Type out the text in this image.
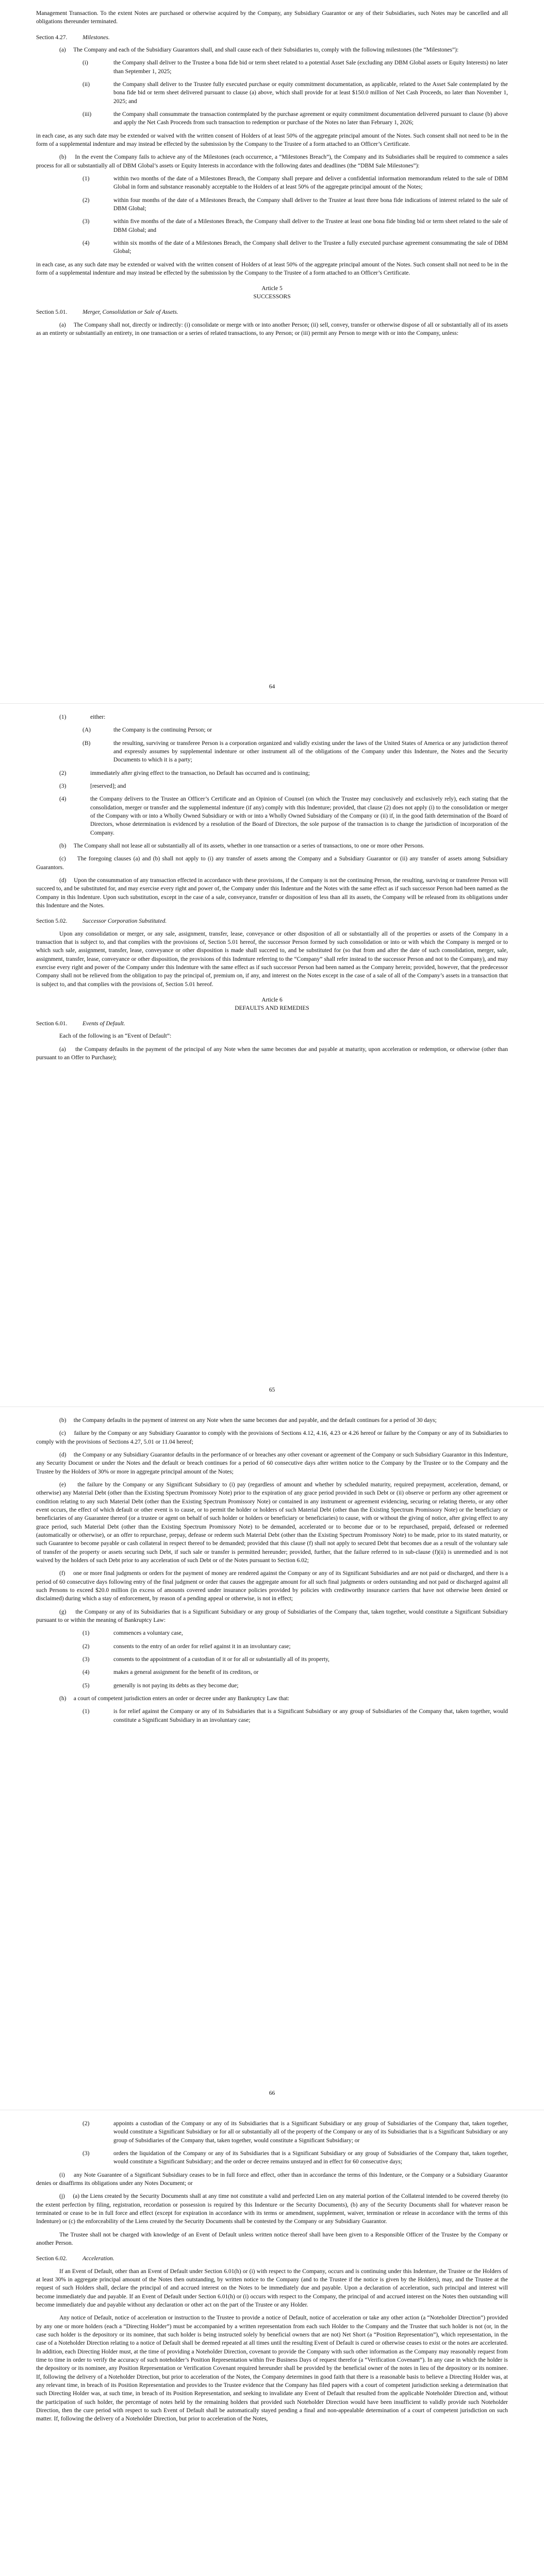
Management Transaction. To the extent Notes are purchased or otherwise acquired by the Company, any Subsidiary Guarantor or any of their Subsidiaries, such Notes may be cancelled and all obligations thereunder terminated.

Section 4.27.	Milestones.

(a) The Company and each of the Subsidiary Guarantors shall, and shall cause each of their Subsidiaries to, comply with the following milestones (the “Milestones”):

(i)	the Company shall deliver to the Trustee a bona fide bid or term sheet related to a potential Asset Sale (excluding any DBM Global assets or Equity Interests) no later than September 1, 2025;
(ii)	the Company shall deliver to the Trustee fully executed purchase or equity commitment documentation, as applicable, related to the Asset Sale contemplated by the bona fide bid or term sheet delivered pursuant to clause (a) above, which shall provide for at least $150.0 million of Net Cash Proceeds, no later than November 1, 2025; and
(iii)	the Company shall consummate the transaction contemplated by the purchase agreement or equity commitment documentation delivered pursuant to clause (b) above and apply the Net Cash Proceeds from such transaction to redemption or purchase of the Notes no later than February 1, 2026;

in each case, as any such date may be extended or waived with the written consent of Holders of at least 50% of the aggregate principal amount of the Notes. Such consent shall not need to be in the form of a supplemental indenture and may instead be effected by the submission by the Company to the Trustee of a form attached to an Officer’s Certificate.

(b) In the event the Company fails to achieve any of the Milestones (each occurrence, a “Milestones Breach”), the Company and its Subsidiaries shall be required to commence a sales process for all or substantially all of DBM Global’s assets or Equity Interests in accordance with the following dates and deadlines (the “DBM Sale Milestones”):

(1)	within two months of the date of a Milestones Breach, the Company shall prepare and deliver a confidential information memorandum related to the sale of DBM Global in form and substance reasonably acceptable to the Holders of at least 50% of the aggregate principal amount of the Notes;
(2)	within four months of the date of a Milestones Breach, the Company shall deliver to the Trustee at least three bona fide indications of interest related to the sale of DBM Global;
(3)	within five months of the date of a Milestones Breach, the Company shall deliver to the Trustee at least one bona fide binding bid or term sheet related to the sale of DBM Global; and
(4)	within six months of the date of a Milestones Breach, the Company shall deliver to the Trustee a fully executed purchase agreement consummating the sale of DBM Global;

in each case, as any such date may be extended or waived with the written consent of Holders of at least 50% of the aggregate principal amount of the Notes. Such consent shall not need to be in the form of a supplemental indenture and may instead be effected by the submission by the Company to the Trustee of a form attached to an Officer’s Certificate.

Article 5
SUCCESSORS
Section 5.01.	Merger, Consolidation or Sale of Assets.

(a) The Company shall not, directly or indirectly: (i) consolidate or merge with or into another Person; (ii) sell, convey, transfer or otherwise dispose of all or substantially all of its assets as an entirety or substantially an entirety, in one transaction or a series of related transactions, to any Person; or (iii) permit any Person to merge with or into the Company, unless:

64
(1)	either:
(A)	the Company is the continuing Person; or
(B)	the resulting, surviving or transferee Person is a corporation organized and validly existing under the laws of the United States of America or any jurisdiction thereof and expressly assumes by supplemental indenture or other instrument all of the obligations of the Company under this Indenture, the Notes and the Security Documents to which it is a party;
(2)	immediately after giving effect to the transaction, no Default has occurred and is continuing;
(3)	[reserved]; and
(4)	the Company delivers to the Trustee an Officer’s Certificate and an Opinion of Counsel (on which the Trustee may conclusively and exclusively rely), each stating that the consolidation, merger or transfer and the supplemental indenture (if any) comply with this Indenture; provided, that clause (2) does not apply (i) to the consolidation or merger of the Company with or into a Wholly Owned Subsidiary or with or into a Wholly Owned Subsidiary of the Company or (ii) if, in the good faith determination of the Board of Directors, whose determination is evidenced by a resolution of the Board of Directors, the sole purpose of the transaction is to change the jurisdiction of incorporation of the Company.

(b) The Company shall not lease all or substantially all of its assets, whether in one transaction or a series of transactions, to one or more other Persons.

(c) The foregoing clauses (a) and (b) shall not apply to (i) any transfer of assets among the Company and a Subsidiary Guarantor or (ii) any transfer of assets among Subsidiary Guarantors.

(d) Upon the consummation of any transaction effected in accordance with these provisions, if the Company is not the continuing Person, the resulting, surviving or transferee Person will succeed to, and be substituted for, and may exercise every right and power of, the Company under this Indenture and the Notes with the same effect as if such successor Person had been named as the Company in this Indenture. Upon such substitution, except in the case of a sale, conveyance, transfer or disposition of less than all its assets, the Company will be released from its obligations under this Indenture and the Notes.

Section 5.02.	Successor Corporation Substituted.

Upon any consolidation or merger, or any sale, assignment, transfer, lease, conveyance or other disposition of all or substantially all of the properties or assets of the Company in a transaction that is subject to, and that complies with the provisions of, Section 5.01 hereof, the successor Person formed by such consolidation or into or with which the Company is merged or to which such sale, assignment, transfer, lease, conveyance or other disposition is made shall succeed to, and be substituted for (so that from and after the date of such consolidation, merger, sale, assignment, transfer, lease, conveyance or other disposition, the provisions of this Indenture referring to the “Company” shall refer instead to the successor Person and not to the Company), and may exercise every right and power of the Company under this Indenture with the same effect as if such successor Person had been named as the Company herein; provided, however, that the predecessor Company shall not be relieved from the obligation to pay the principal of, premium on, if any, and interest on the Notes except in the case of a sale of all of the Company’s assets in a transaction that is subject to, and that complies with the provisions of, Section 5.01 hereof.

Article 6
DEFAULTS AND REMEDIES
Section 6.01.	Events of Default.

Each of the following is an “Event of Default”:

(a) the Company defaults in the payment of the principal of any Note when the same becomes due and payable at maturity, upon acceleration or redemption, or otherwise (other than pursuant to an Offer to Purchase);

65

(b) the Company defaults in the payment of interest on any Note when the same becomes due and payable, and the default continues for a period of 30 days;

(c) failure by the Company or any Subsidiary Guarantor to comply with the provisions of Sections 4.12, 4.16, 4.23 or 4.26 hereof or failure by the Company or any of its Subsidiaries to comply with the provisions of Sections 4.27, 5.01 or 11.04 hereof;

(d) the Company or any Subsidiary Guarantor defaults in the performance of or breaches any other covenant or agreement of the Company or such Subsidiary Guarantor in this Indenture, any Security Document or under the Notes and the default or breach continues for a period of 60 consecutive days after written notice to the Company by the Trustee or to the Company and the Trustee by the Holders of 30% or more in aggregate principal amount of the Notes;

(e) the failure by the Company or any Significant Subsidiary to (i) pay (regardless of amount and whether by scheduled maturity, required prepayment, acceleration, demand, or otherwise) any Material Debt (other than the Existing Spectrum Promissory Note) prior to the expiration of any grace period provided in such Debt or (ii) observe or perform any other agreement or condition relating to any such Material Debt (other than the Existing Spectrum Promissory Note) or contained in any instrument or agreement evidencing, securing or relating thereto, or any other event occurs, the effect of which default or other event is to cause, or to permit the holder or holders of such Material Debt (other than the Existing Spectrum Promissory Note) or the beneficiary or beneficiaries of any Guarantee thereof (or a trustee or agent on behalf of such holder or holders or beneficiary or beneficiaries) to cause, with or without the giving of notice, after giving effect to any grace period, such Material Debt (other than the Existing Spectrum Promissory Note) to be demanded, accelerated or to become due or to be repurchased, prepaid, defeased or redeemed (automatically or otherwise), or an offer to repurchase, prepay, defease or redeem such Material Debt (other than the Existing Spectrum Promissory Note) to be made, prior to its stated maturity, or such Guarantee to become payable or cash collateral in respect thereof to be demanded; provided that this clause (f) shall not apply to secured Debt that becomes due as a result of the voluntary sale of transfer of the property or assets securing such Debt, if such sale or transfer is permitted hereunder; provided, further, that the failure referred to in sub-clause (f)(ii) is unremedied and is not waived by the holders of such Debt prior to any acceleration of such Debt or of the Notes pursuant to Section 6.02;

(f) one or more final judgments or orders for the payment of money are rendered against the Company or any of its Significant Subsidiaries and are not paid or discharged, and there is a period of 60 consecutive days following entry of the final judgment or order that causes the aggregate amount for all such final judgments or orders outstanding and not paid or discharged against all such Persons to exceed $20.0 million (in excess of amounts covered under insurance policies provided by policies with creditworthy insurance carriers that have not otherwise been denied or disclaimed) during which a stay of enforcement, by reason of a pending appeal or otherwise, is not in effect;

(g) the Company or any of its Subsidiaries that is a Significant Subsidiary or any group of Subsidiaries of the Company that, taken together, would constitute a Significant Subsidiary pursuant to or within the meaning of Bankruptcy Law:

(1)	commences a voluntary case,
(2)	consents to the entry of an order for relief against it in an involuntary case;
(3)	consents to the appointment of a custodian of it or for all or substantially all of its property,
(4)	makes a general assignment for the benefit of its creditors, or
(5)	generally is not paying its debts as they become due;

(h) a court of competent jurisdiction enters an order or decree under any Bankruptcy Law that:

(1)	is for relief against the Company or any of its Subsidiaries that is a Significant Subsidiary or any group of Subsidiaries of the Company that, taken together, would constitute a Significant Subsidiary in an involuntary case;
66
(2)	appoints a custodian of the Company or any of its Subsidiaries that is a Significant Subsidiary or any group of Subsidiaries of the Company that, taken together, would constitute a Significant Subsidiary or for all or substantially all of the property of the Company or any of its Subsidiaries that is a Significant Subsidiary or any group of Subsidiaries of the Company that, taken together, would constitute a Significant Subsidiary; or
(3)	orders the liquidation of the Company or any of its Subsidiaries that is a Significant Subsidiary or any group of Subsidiaries of the Company that, taken together, would constitute a Significant Subsidiary; and the order or decree remains unstayed and in effect for 60 consecutive days;

(i) any Note Guarantee of a Significant Subsidiary ceases to be in full force and effect, other than in accordance the terms of this Indenture, or the Company or a Subsidiary Guarantor denies or disaffirms its obligations under any Notes Document; or

(j) (a) the Liens created by the Security Documents shall at any time not constitute a valid and perfected Lien on any material portion of the Collateral intended to be covered thereby (to the extent perfection by filing, registration, recordation or possession is required by this Indenture or the Security Documents), (b) any of the Security Documents shall for whatever reason be terminated or cease to be in full force and effect (except for expiration in accordance with its terms or amendment, supplement, waiver, termination or release in accordance with the terms of this Indenture) or (c) the enforceability of the Liens created by the Security Documents shall be contested by the Company or any Subsidiary Guarantor.

The Trustee shall not be charged with knowledge of an Event of Default unless written notice thereof shall have been given to a Responsible Officer of the Trustee by the Company or another Person.

Section 6.02.	Acceleration.

If an Event of Default, other than an Event of Default under Section 6.01(h) or (i) with respect to the Company, occurs and is continuing under this Indenture, the Trustee or the Holders of at least 30% in aggregate principal amount of the Notes then outstanding, by written notice to the Company (and to the Trustee if the notice is given by the Holders), may, and the Trustee at the request of such Holders shall, declare the principal of and accrued interest on the Notes to be immediately due and payable. Upon a declaration of acceleration, such principal and interest will become immediately due and payable. If an Event of Default under Section 6.01(h) or (i) occurs with respect to the Company, the principal of and accrued interest on the Notes then outstanding will become immediately due and payable without any declaration or other act on the part of the Trustee or any Holder.

Any notice of Default, notice of acceleration or instruction to the Trustee to provide a notice of Default, notice of acceleration or take any other action (a “Noteholder Direction”) provided by any one or more holders (each a “Directing Holder”) must be accompanied by a written representation from each such Holder to the Company and the Trustee that such holder is not (or, in the case such holder is the depository or its nominee, that such holder is being instructed solely by beneficial owners that are not) Net Short (a “Position Representation”), which representation, in the case of a Noteholder Direction relating to a notice of Default shall be deemed repeated at all times until the resulting Event of Default is cured or otherwise ceases to exist or the notes are accelerated. In addition, each Directing Holder must, at the time of providing a Noteholder Direction, covenant to provide the Company with such other information as the Company may reasonably request from time to time in order to verify the accuracy of such noteholder’s Position Representation within five Business Days of request therefor (a “Verification Covenant”). In any case in which the holder is the depository or its nominee, any Position Representation or Verification Covenant required hereunder shall be provided by the beneficial owner of the notes in lieu of the depository or its nominee. If, following the delivery of a Noteholder Direction, but prior to acceleration of the Notes, the Company determines in good faith that there is a reasonable basis to believe a Directing Holder was, at any relevant time, in breach of its Position Representation and provides to the Trustee evidence that the Company has filed papers with a court of competent jurisdiction seeking a determination that such Directing Holder was, at such time, in breach of its Position Representation, and seeking to invalidate any Event of Default that resulted from the applicable Noteholder Direction and, without the participation of such holder, the percentage of notes held by the remaining holders that provided such Noteholder Direction would have been insufficient to validly provide such Noteholder Direction, then the cure period with respect to such Event of Default shall be automatically stayed pending a final and non-appealable determination of a court of competent jurisdiction on such matter. If, following the delivery of a Noteholder Direction, but prior to acceleration of the Notes,
